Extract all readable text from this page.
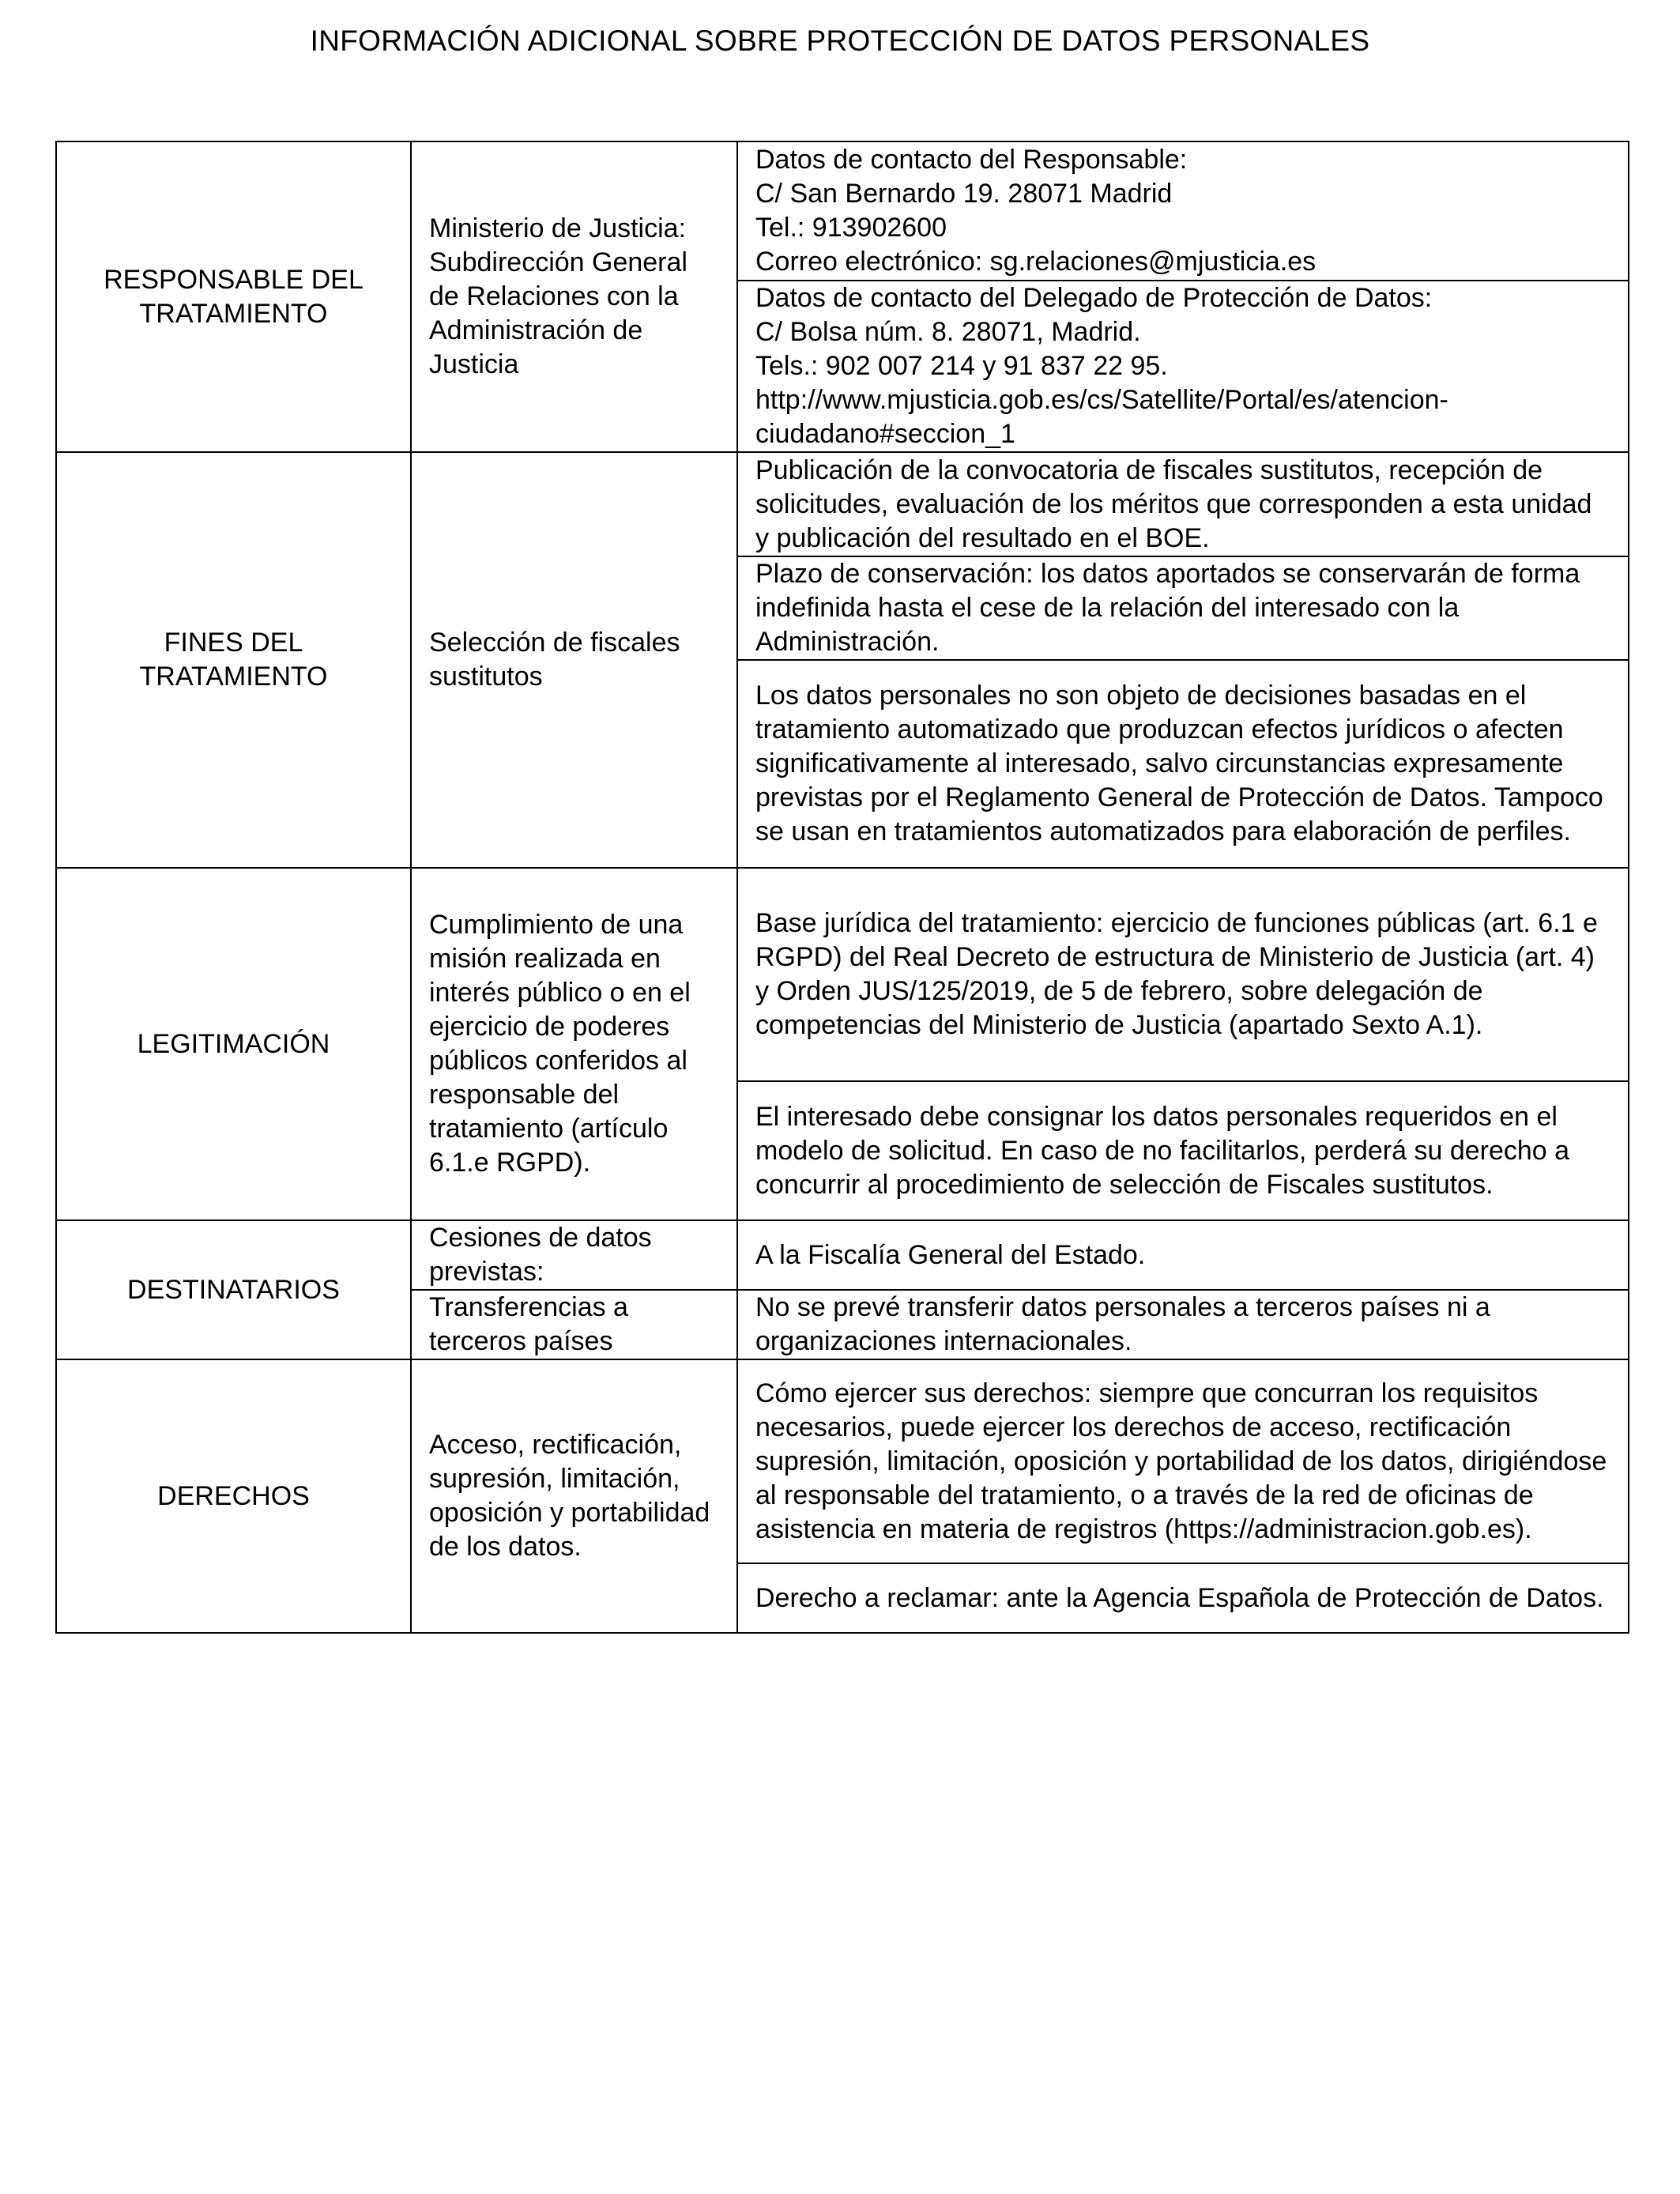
INFORMACIÓN ADICIONAL SOBRE PROTECCIÓN DE DATOS PERSONALES
RESPONSABLE DEL TRATAMIENTO	Ministerio de Justicia: Subdirección General de Relaciones con la Administración de Justicia	Datos de contacto del Responsable:
C/ San Bernardo 19. 28071 Madrid
Tel.: 913902600
Correo electrónico: sg.relaciones@mjusticia.es

		Datos de contacto del Delegado de Protección de Datos:
C/ Bolsa núm. 8. 28071, Madrid.
Tels.: 902 007 214 y 91 837 22 95.
http://www.mjusticia.gob.es/cs/Satellite/Portal/es/atencion-ciudadano#seccion_1

FINES DEL TRATAMIENTO	Selección de fiscales sustitutos	Publicación de la convocatoria de fiscales sustitutos, recepción de solicitudes, evaluación de los méritos que corresponden a esta unidad y publicación del resultado en el BOE.
		Plazo de conservación: los datos aportados se conservarán de forma indefinida hasta el cese de la relación del interesado con la Administración.
		Los datos personales no son objeto de decisiones basadas en el tratamiento automatizado que produzcan efectos jurídicos o afecten significativamente al interesado, salvo circunstancias expresamente previstas por el Reglamento General de Protección de Datos. Tampoco se usan en tratamientos automatizados para elaboración de perfiles.
LEGITIMACIÓN	Cumplimiento de una misión realizada en interés público o en el ejercicio de poderes públicos conferidos al responsable del tratamiento (artículo 6.1.e RGPD).	Base jurídica del tratamiento: ejercicio de funciones públicas (art. 6.1 e RGPD) del Real Decreto de estructura de Ministerio de Justicia (art. 4) y Orden JUS/125/2019, de 5 de febrero, sobre delegación de competencias del Ministerio de Justicia (apartado Sexto A.1).
		El interesado debe consignar los datos personales requeridos en el modelo de solicitud. En caso de no facilitarlos, perderá su derecho a concurrir al procedimiento de selección de Fiscales sustitutos.
DESTINATARIOS	Cesiones de datos previstas:	A la Fiscalía General del Estado.
	Transferencias a terceros países	No se prevé transferir datos personales a terceros países ni a organizaciones internacionales.
DERECHOS	Acceso, rectificación, supresión, limitación, oposición y portabilidad de los datos.	Cómo ejercer sus derechos: siempre que concurran los requisitos necesarios, puede ejercer los derechos de acceso, rectificación supresión, limitación, oposición y portabilidad de los datos, dirigiéndose al responsable del tratamiento, o a través de la red de oficinas de asistencia en materia de registros (https://administracion.gob.es).
		Derecho a reclamar: ante la Agencia Española de Protección de Datos.
